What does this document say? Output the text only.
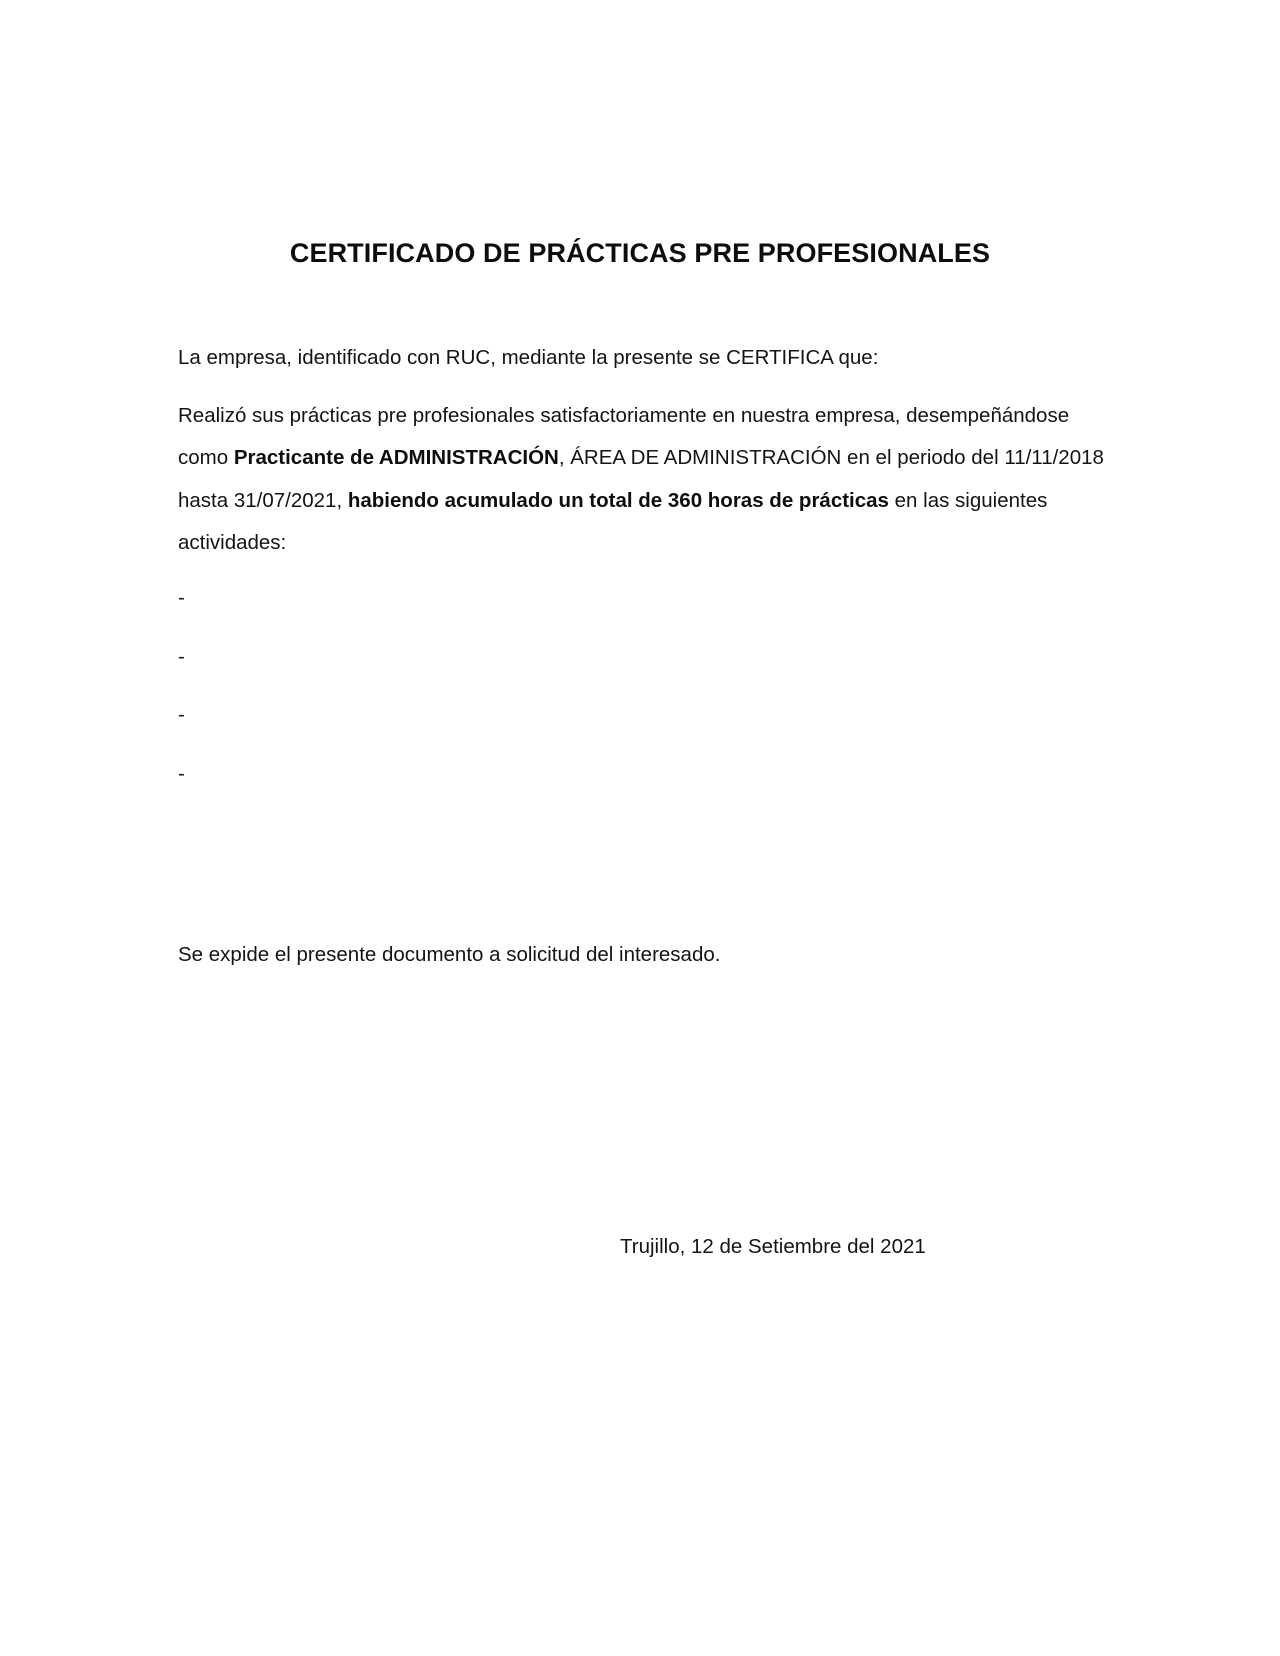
CERTIFICADO DE PRÁCTICAS PRE PROFESIONALES
La empresa, identificado con RUC, mediante la presente se CERTIFICA que:
Realizó sus prácticas pre profesionales satisfactoriamente en nuestra empresa, desempeñándose
como Practicante de ADMINISTRACIÓN, ÁREA DE ADMINISTRACIÓN en el periodo del 11/11/2018
hasta 31/07/2021, habiendo acumulado un total de 360 horas de prácticas en las siguientes
actividades:
-
-
-
-
Se expide el presente documento a solicitud del interesado.
Trujillo, 12 de Setiembre del 2021
